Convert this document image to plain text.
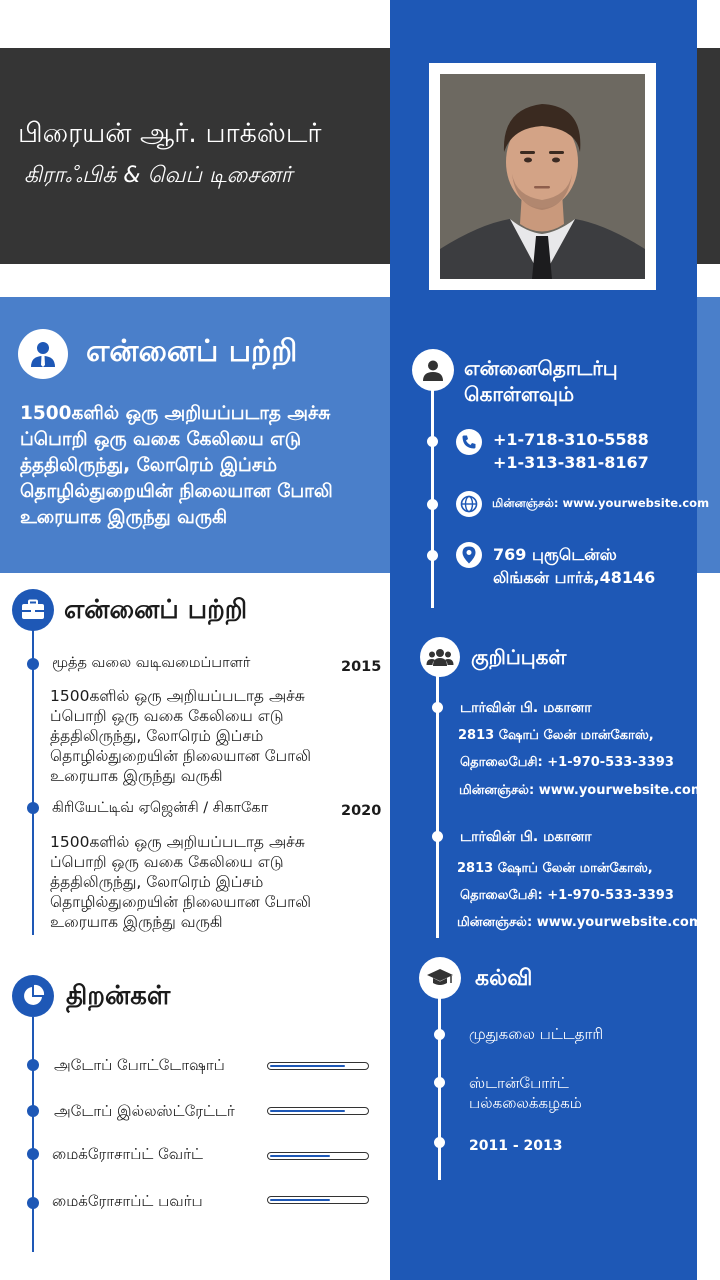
பிரையன் ஆர். பாக்ஸ்டர்
கிராஃபிக் & வெப் டிசைனர்
என்னைப் பற்றி
1500களில் ஒரு அறியப்படாத அச்சு ப்பொறி ஒரு வகை கேலியை எடு த்ததிலிருந்து, லோரெம் இப்சம் தொழில்துறையின் நிலையான போலி உரையாக இருந்து வருகி
என்னைப் பற்றி
மூத்த வலை வடிவமைப்பாளர்	2015
1500களில் ஒரு அறியப்படாத அச்சு ப்பொறி ஒரு வகை கேலியை எடு த்ததிலிருந்து, லோரெம் இப்சம் தொழில்துறையின் நிலையான போலி உரையாக இருந்து வருகி
கிரியேட்டிவ் ஏஜென்சி / சிகாகோ	2020
1500களில் ஒரு அறியப்படாத அச்சு ப்பொறி ஒரு வகை கேலியை எடு த்ததிலிருந்து, லோரெம் இப்சம் தொழில்துறையின் நிலையான போலி உரையாக இருந்து வருகி
திறன்கள்
அடோப் போட்டோஷாப்
அடோப் இல்லஸ்ட்ரேட்டர்
மைக்ரோசாப்ட் வேர்ட்
மைக்ரோசாப்ட் பவர்ப
என்னைதொடர்பு
கொள்ளவும்
+1-718-310-5588
+1-313-381-8167
மின்னஞ்சல்: www.yourwebsite.com
769 புரூடென்ஸ்
லிங்கன் பார்க்,48146
குறிப்புகள்
டார்வின் பி. மகானா
2813 ஷோப் லேன் மான்கோஸ்,
தொலைபேசி: +1-970-533-3393
மின்னஞ்சல்: www.yourwebsite.com
டார்வின் பி. மகானா
2813 ஷோப் லேன் மான்கோஸ்,
தொலைபேசி: +1-970-533-3393
மின்னஞ்சல்: www.yourwebsite.com
கல்வி
முதுகலை பட்டதாரி
ஸ்டான்போர்ட்
பல்கலைக்கழகம்
2011 - 2013
